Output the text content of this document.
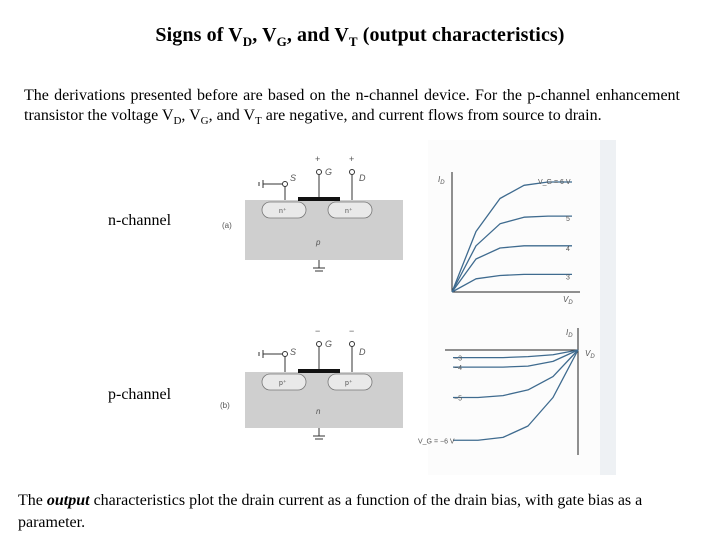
Signs of $V_D$, $V_G$, and $V_T$ (output characteristics)
The derivations presented before are based on the n-channel device. For the p-channel enhancement transistor the voltage $V_D$, $V_G$, and $V_T$ are negative, and current flows from source to drain.
S
G
D
+	+
n⁺	n⁺
p
(a)
S
G
D
−	−
p⁺	p⁺
n
(b)
$I_D$
$V_D$
V_G = 6 V
5
4
3
$I_D$
$V_D$
−3
−4
−5
V_G = −6 V
n-channel
p-channel
The output characteristics plot the drain current as a function of the drain bias, with gate bias as a parameter.
